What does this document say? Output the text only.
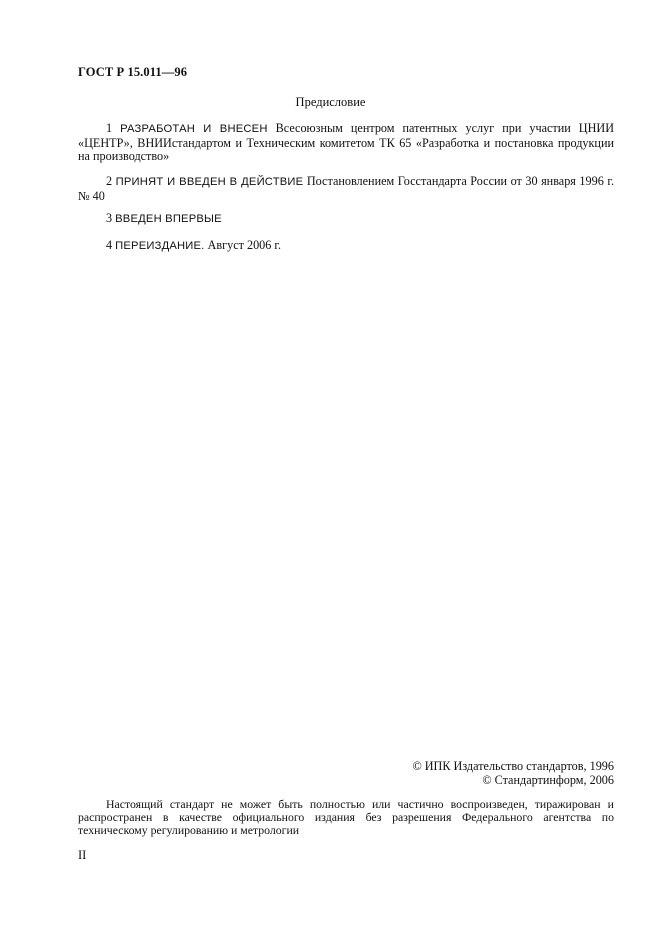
ГОСТ Р 15.011—96
Предисловие
1 РАЗРАБОТАН И ВНЕСЕН Всесоюзным центром патентных услуг при участии ЦНИИ «ЦЕНТР», ВНИИстандартом и Техническим комитетом ТК 65 «Разработка и постановка продукции на производство»
2 ПРИНЯТ И ВВЕДЕН В ДЕЙСТВИЕ Постановлением Госстандарта России от 30 января 1996 г. № 40
3 ВВЕДЕН ВПЕРВЫЕ
4 ПЕРЕИЗДАНИЕ. Август 2006 г.
© ИПК Издательство стандартов, 1996
© Стандартинформ, 2006
Настоящий стандарт не может быть полностью или частично воспроизведен, тиражирован и распространен в качестве официального издания без разрешения Федерального агентства по техническому регулированию и метрологии
II
